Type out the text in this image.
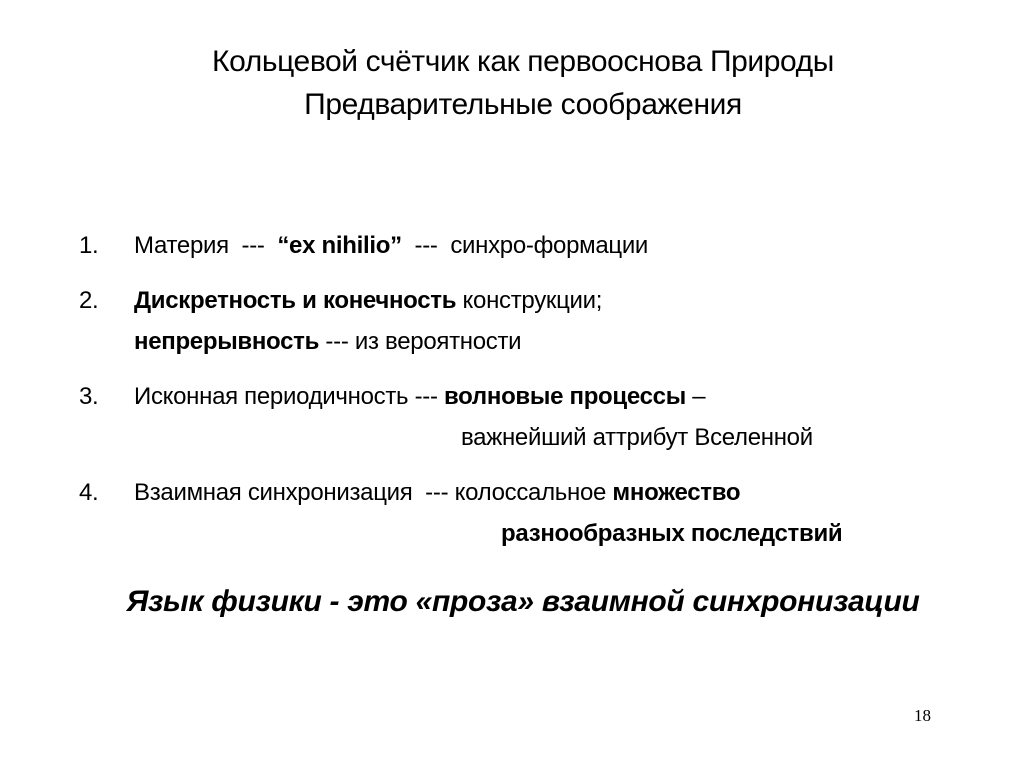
Кольцевой счётчик как первооснова Природы
Предварительные соображения
1. Материя  ---  “ex nihilio”  ---  синхро-формации
2. Дискретность и конечность конструкции;
непрерывность --- из вероятности
3. Исконная периодичность --- волновые процессы –
важнейший аттрибут Вселенной
4. Взаимная синхронизация  --- колоссальное множество
разнообразных последствий
Язык физики - это «проза» взаимной синхронизации
18
